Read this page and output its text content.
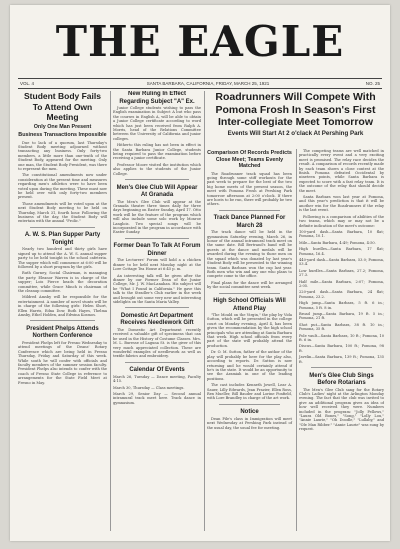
THE EAGLE
VOL. 4	SANTA BARBARA, CALIFORNIA, FRIDAY, MARCH 25, 1921	NO. 25
Student Body Fails To Attend Own Meeting
Only One Man Present
Business Transactions Impossible

Due to lack of a quorum, last Thursday's Student Body meeting adjourned without transacting any business. Only forty-two members, a little more than one-tenth of the Student Body, appeared for the meeting. Only one man, the Student Body President, was there to represent the men.

The constitutional amendments now under consideration at the present time and measures regarding men's athletics were to have been voted upon during the meeting. These must now be held over with only forty-two members present.

Those amendments will be voted upon at the next Student Body meeting to be held on Thursday, March 31, fourth hour. Following the business of the day, the Student Body will entertain with the annual "Frolic."

A. W. S. Plan Supper Party Tonight

Nearly two hundred and thirty girls have signed up to attend the A. W. S. annual supper party to be held tonight in the school cafeteria. The supper which will commence at 6:00 will be followed by a short program by the girls.

Ruth Gurney, Social Chairman, is managing the party. Eleanor Warren is in charge of the supper; Lois Pierce heads the decoration committee, while Grace Minch is chairman of the cleanup committee.

Mildred Amsby will be responsible for the entertainment. A number of novel stunts will be in charge of the following girls: Helen Short, Ellen Harris, Edna Dow, Ruth Hayes, Thelma Amsby, Ethel Holden, and Edwina Kosmos.

President Phelps Attends Northern Conference

President Phelps left for Fresno Wednesday to attend meetings of the Deans' Rotary Conference which are being held in Fresno Thursday, Friday and Saturday of this week. While south he will confer with officials and faculty members of the summer session faculty. President Phelps also intends to confer with the coach of Fresno State College in reference to arrangements for the State Field Meet at Fresno in May.

New Ruling In Effect Regarding Subject "A" Ex.

Junior College students wishing to pass the English examination in Subject A but who pass the courses in English A, will be able to obtain a Junior College certificate according to word which has just been received from Ralph A. Morris, head of the Relations Committee between the University of California and junior colleges.

Hitherto this ruling has not been in effect in the Santa Barbara Junior College, students being required to pass the examination before receiving a junior certificate.

Professor Moore visited the institution which also applies to the students of the Junior College.

Men's Glee Club Will Appear At Granada

The Men's Glee Club will appear at the Granada theatre three times daily for three days beginning on Easter Sunday, April 17. Otto work will be the feature of the program which will also include some solo work by Monroe Langlois. Two special songs will be incorporated in the program in accordance with Easter Sunday.

Former Dean To Talk At Forum Dinner

The Lecturers' Forum will hold a a chicken dinner to be held next Monday night at the Lore Cottage Tea House at 6:45 p. m.

An interesting talk will be given after the dinner by our Former Dean of the Junior College, Mr. J. W. MacLanahan. His subject will be "What I Found in California." He gave this talk to the Stradler's Club earlier in the week and brought out some very new and interesting sidelights on the Santa Maria Valley.

Domestic Art Department Receives Needlework Gift

The Domestic Art Department recently received a valuable gift of specimens that can be used in the History of Costume Classes. Mrs. M. L. Buresse of Laguna St. is the giver of this very much appreciated collection. These are wonderful examples of needlework as well as textile fabrics and embroidery.

Calendar Of Events

March 26, Tuesday — Dance meeting, Faculty 4:15.

March 30, Thursday — Class meetings.

March 29, Senior Day — Second annual intramural track meet here. Track dance in gymnasium.

Roadrunners Will Compete With Pomona Frosh In Season's First Inter-collegiate Meet Tomorrow
Events Will Start At 2 o'clack At Pershing Park
Comparison Of Records Predicts Close Meet; Teams Evenly Matched

The Roadrunner track squad has been going through some stiff workouts for the past week to prepare for the best of the two big home meets of the present season, the meet with Pomona Frosh at Pershing Park tomorrow afternoon at 2:00 o'clock. If there are hosts to be run, there will probably be two others.

Track Dance Planned For March 28

The track dance will be held in the gymnasium Saturday evening, March 26, in honor of the annual intramural track meet on the same date. Bill Bertrand's band will be guests at the dance and medals will be awarded during the evening to those men on the squad which was donated by last year's Student Body will be presented to the winning team. Santa Barbara won the cup last year. Both men who win and any one who plans to compete come to the office.

Final plans for the dance will be arranged by the social committee next week.

High School Officials Will Attend Play

"The Mould on the Virgin," the play by Vida Sutton, which will be presented in the college court on Monday evening, April 4, has been given the recommendation by the high school principals who are attending at Santa Barbara that week. High school officials from every part of the state will probably attend the production.

Dr. O. M. Sutton, father of the author of the play will probably be here for the play also, according to reports. Dr. Sutton is now returning and he would certainly attend if he's in the state. It would be an opportunity to see the Aramiah in one of the leading positions.

The cast includes Kenneth Jowell, Lear A. Sauer, Lilly Edwards, Jean Frazier, Ellen Ross, Rex Mueller, Bill Bauder and Lorine Fonfield, with Lore Brandley in charge of the art work.

Notice

Dean Pile's class in Immigration will meet next Wednesday at Pershing Park instead of the usual day, the usual fee for meeting.

The competing teams are well matched in practically every event and a very exciting meet is promised. The relay race decides the result. A comparison of records recently made by each team shows a close contest at the finish. Pomona defeated Occidental by nineteen points, while Santa Barbara is expected to score with a fast relay team. It is the outcome of the relay that should decide the meet.

Santa Barbara won last year at Pomona, and this year's prediction is that it will be another win for the Roadrunners if the relay is the last event.

Following is a comparison of abilities of the two teams, which may or may not be a definite indication of the meet's outcome:

100-yard dash—Santa Barbara, 10 flat; Pomona, 10.1.

Mile—Santa Barbara, 4:49; Pomona, 4:50.

High hurdles—Santa Barbara, 17 flat; Pomona, 16.4.

440-yard dash—Santa Barbara, 53.0; Pomona, 53.4.

Low hurdles—Santa Barbara, 27.2; Pomona, 27.3.

Half mile—Santa Barbara, 2:07; Pomona, 2:05.

220-yard dash—Santa Barbara, 24 flat; Pomona, 23.2.

High jump—Santa Barbara, 5 ft. 6 in.; Pomona, 5 ft. 8 in.

Broad jump—Santa Barbara, 19 ft. 5 in.; Pomona, 21 ft.

Shot put—Santa Barbara, 38 ft. 10 in.; Pomona, 35 ft.

Pole vault—Santa Barbara, 10 ft.; Pomona, 10 ft. 6 in.

Discus—Santa Barbara, 100 ft.; Pomona, 98 ft.

Javelin—Santa Barbara, 139 ft.; Pomona, 135 ft.

Men's Glee Club Sings Before Rotarians

The Men's Glee Club sang for the Rotary Club's Ladies' night at the Arlington Monday evening. The fact that the club was invited to give an additional program gives an idea of how well received they were. Numbers included in the program: "Jolly Fellows," "Laura Old Bones," "Song," "Lolly Lou," "Annie Laurie," "Oh Doodle," "Lullaby," and "Ole Man Ribber." "Annie Laurie" was sung by request.
